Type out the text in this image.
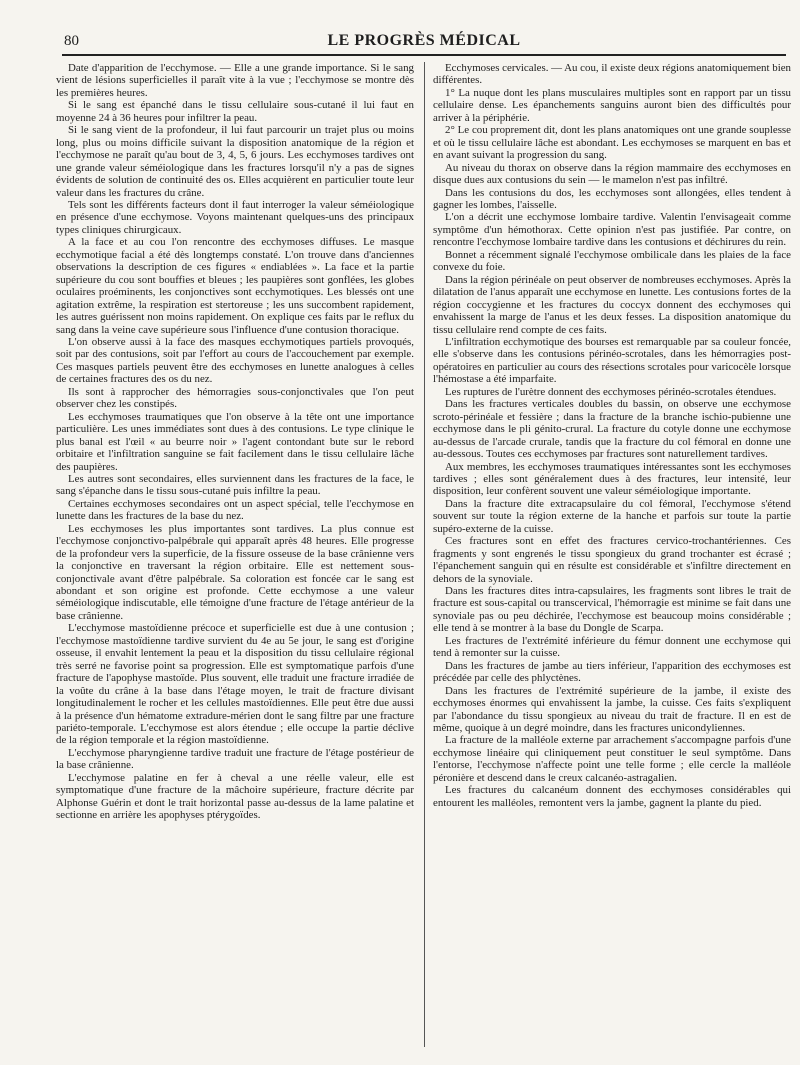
80	LE PROGRÈS MÉDICAL

Date d'apparition de l'ecchymose. — Elle a une grande importance. Si le sang vient de lésions superficielles il paraît vite à la vue ; l'ecchymose se montre dès les premières heures.

Si le sang est épanché dans le tissu cellulaire sous-cutané il lui faut en moyenne 24 à 36 heures pour infiltrer la peau.

Si le sang vient de la profondeur, il lui faut parcourir un trajet plus ou moins long, plus ou moins difficile suivant la disposition anatomique de la région et l'ecchymose ne paraît qu'au bout de 3, 4, 5, 6 jours. Les ecchymoses tardives ont une grande valeur séméiologique dans les fractures lorsqu'il n'y a pas de signes évidents de solution de continuité des os. Elles acquièrent en particulier toute leur valeur dans les fractures du crâne.

Tels sont les différents facteurs dont il faut interroger la valeur séméiologique en présence d'une ecchymose. Voyons maintenant quelques-uns des principaux types cliniques chirurgicaux.

A la face et au cou l'on rencontre des ecchymoses diffuses. Le masque ecchymotique facial a été dès longtemps constaté. L'on trouve dans d'anciennes observations la description de ces figures « endiablées ». La face et la partie supérieure du cou sont bouffies et bleues ; les paupières sont gonflées, les globes oculaires proéminents, les conjonctives sont ecchymotiques. Les blessés ont une agitation extrême, la respiration est stertoreuse ; les uns succombent rapidement, les autres guérissent non moins rapidement. On explique ces faits par le reflux du sang dans la veine cave supérieure sous l'influence d'une contusion thoracique.

L'on observe aussi à la face des masques ecchymotiques partiels provoqués, soit par des contusions, soit par l'effort au cours de l'accouchement par exemple. Ces masques partiels peuvent être des ecchymoses en lunette analogues à celles de certaines fractures des os du nez.

Ils sont à rapprocher des hémorragies sous-conjonctivales que l'on peut observer chez les constipés.

Les ecchymoses traumatiques que l'on observe à la tête ont une importance particulière. Les unes immédiates sont dues à des contusions. Le type clinique le plus banal est l'œil « au beurre noir » l'agent contondant bute sur le rebord orbitaire et l'infiltration sanguine se fait facilement dans le tissu cellulaire lâche des paupières.

Les autres sont secondaires, elles surviennent dans les fractures de la face, le sang s'épanche dans le tissu sous-cutané puis infiltre la peau.

Certaines ecchymoses secondaires ont un aspect spécial, telle l'ecchymose en lunette dans les fractures de la base du nez.

Les ecchymoses les plus importantes sont tardives. La plus connue est l'ecchymose conjonctivo-palpébrale qui apparaît après 48 heures. Elle progresse de la profondeur vers la superficie, de la fissure osseuse de la base crânienne vers la conjonctive en traversant la région orbitaire. Elle est nettement sous-conjonctivale avant d'être palpébrale. Sa coloration est foncée car le sang est abondant et son origine est profonde. Cette ecchymose a une valeur séméiologique indiscutable, elle témoigne d'une fracture de l'étage antérieur de la base crânienne.

L'ecchymose mastoïdienne précoce et superficielle est due à une contusion ; l'ecchymose mastoïdienne tardive survient du 4e au 5e jour, le sang est d'origine osseuse, il envahit lentement la peau et la disposition du tissu cellulaire régional très serré ne favorise point sa progression. Elle est symptomatique parfois d'une fracture de l'apophyse mastoïde. Plus souvent, elle traduit une fracture irradiée de la voûte du crâne à la base dans l'étage moyen, le trait de fracture divisant longitudinalement le rocher et les cellules mastoïdiennes. Elle peut être due aussi à la présence d'un hématome extradure-mérien dont le sang filtre par une fracture pariéto-temporale. L'ecchymose est alors étendue ; elle occupe la partie déclive de la région temporale et la région mastoïdienne.

L'ecchymose pharyngienne tardive traduit une fracture de l'étage postérieur de la base crânienne.

L'ecchymose palatine en fer à cheval a une réelle valeur, elle est symptomatique d'une fracture de la mâchoire supérieure, fracture décrite par Alphonse Guérin et dont le trait horizontal passe au-dessus de la lame palatine et sectionne en arrière les apophyses ptérygoïdes.

Ecchymoses cervicales. — Au cou, il existe deux régions anatomiquement bien différentes.

1° La nuque dont les plans musculaires multiples sont en rapport par un tissu cellulaire dense. Les épanchements sanguins auront bien des difficultés pour arriver à la périphérie.

2° Le cou proprement dit, dont les plans anatomiques ont une grande souplesse et où le tissu cellulaire lâche est abondant. Les ecchymoses se marquent en bas et en avant suivant la progression du sang.

Au niveau du thorax on observe dans la région mammaire des ecchymoses en disque dues aux contusions du sein — le mamelon n'est pas infiltré.

Dans les contusions du dos, les ecchymoses sont allongées, elles tendent à gagner les lombes, l'aisselle.

L'on a décrit une ecchymose lombaire tardive. Valentin l'envisageait comme symptôme d'un hémothorax. Cette opinion n'est pas justifiée. Par contre, on rencontre l'ecchymose lombaire tardive dans les contusions et déchirures du rein.

Bonnet a récemment signalé l'ecchymose ombilicale dans les plaies de la face convexe du foie.

Dans la région périnéale on peut observer de nombreuses ecchymoses. Après la dilatation de l'anus apparaît une ecchymose en lunette. Les contusions fortes de la région coccygienne et les fractures du coccyx donnent des ecchymoses qui envahissent la marge de l'anus et les deux fesses. La disposition anatomique du tissu cellulaire rend compte de ces faits.

L'infiltration ecchymotique des bourses est remarquable par sa couleur foncée, elle s'observe dans les contusions périnéo-scrotales, dans les hémorragies post-opératoires en particulier au cours des résections scrotales pour varicocèle lorsque l'hémostase a été imparfaite.

Les ruptures de l'urètre donnent des ecchymoses périnéo-scrotales étendues.

Dans les fractures verticales doubles du bassin, on observe une ecchymose scroto-périnéale et fessière ; dans la fracture de la branche ischio-pubienne une ecchymose dans le pli génito-crural. La fracture du cotyle donne une ecchymose au-dessus de l'arcade crurale, tandis que la fracture du col fémoral en donne une au-dessous. Toutes ces ecchymoses par fractures sont naturellement tardives.

Aux membres, les ecchymoses traumatiques intéressantes sont les ecchymoses tardives ; elles sont généralement dues à des fractures, leur intensité, leur disposition, leur confèrent souvent une valeur séméiologique importante.

Dans la fracture dite extracapsulaire du col fémoral, l'ecchymose s'étend souvent sur toute la région externe de la hanche et parfois sur toute la partie supéro-externe de la cuisse.

Ces fractures sont en effet des fractures cervico-trochantériennes. Ces fragments y sont engrenés le tissu spongieux du grand trochanter est écrasé ; l'épanchement sanguin qui en résulte est considérable et s'infiltre directement en dehors de la synoviale.

Dans les fractures dites intra-capsulaires, les fragments sont libres le trait de fracture est sous-capital ou transcervical, l'hémorragie est minime se fait dans une synoviale pas ou peu déchirée, l'ecchymose est beaucoup moins considérable ; elle tend à se montrer à la base du Dongle de Scarpa.

Les fractures de l'extrémité inférieure du fémur donnent une ecchymose qui tend à remonter sur la cuisse.

Dans les fractures de jambe au tiers inférieur, l'apparition des ecchymoses est précédée par celle des phlyctènes.

Dans les fractures de l'extrémité supérieure de la jambe, il existe des ecchymoses énormes qui envahissent la jambe, la cuisse. Ces faits s'expliquent par l'abondance du tissu spongieux au niveau du trait de fracture. Il en est de même, quoique à un degré moindre, dans les fractures unicondyliennes.

La fracture de la malléole externe par arrachement s'accompagne parfois d'une ecchymose linéaire qui cliniquement peut constituer le seul symptôme. Dans l'entorse, l'ecchymose n'affecte point une telle forme ; elle cercle la malléole péronière et descend dans le creux calcanéo-astragalien.

Les fractures du calcanéum donnent des ecchymoses considérables qui entourent les malléoles, remontent vers la jambe, gagnent la plante du pied.
